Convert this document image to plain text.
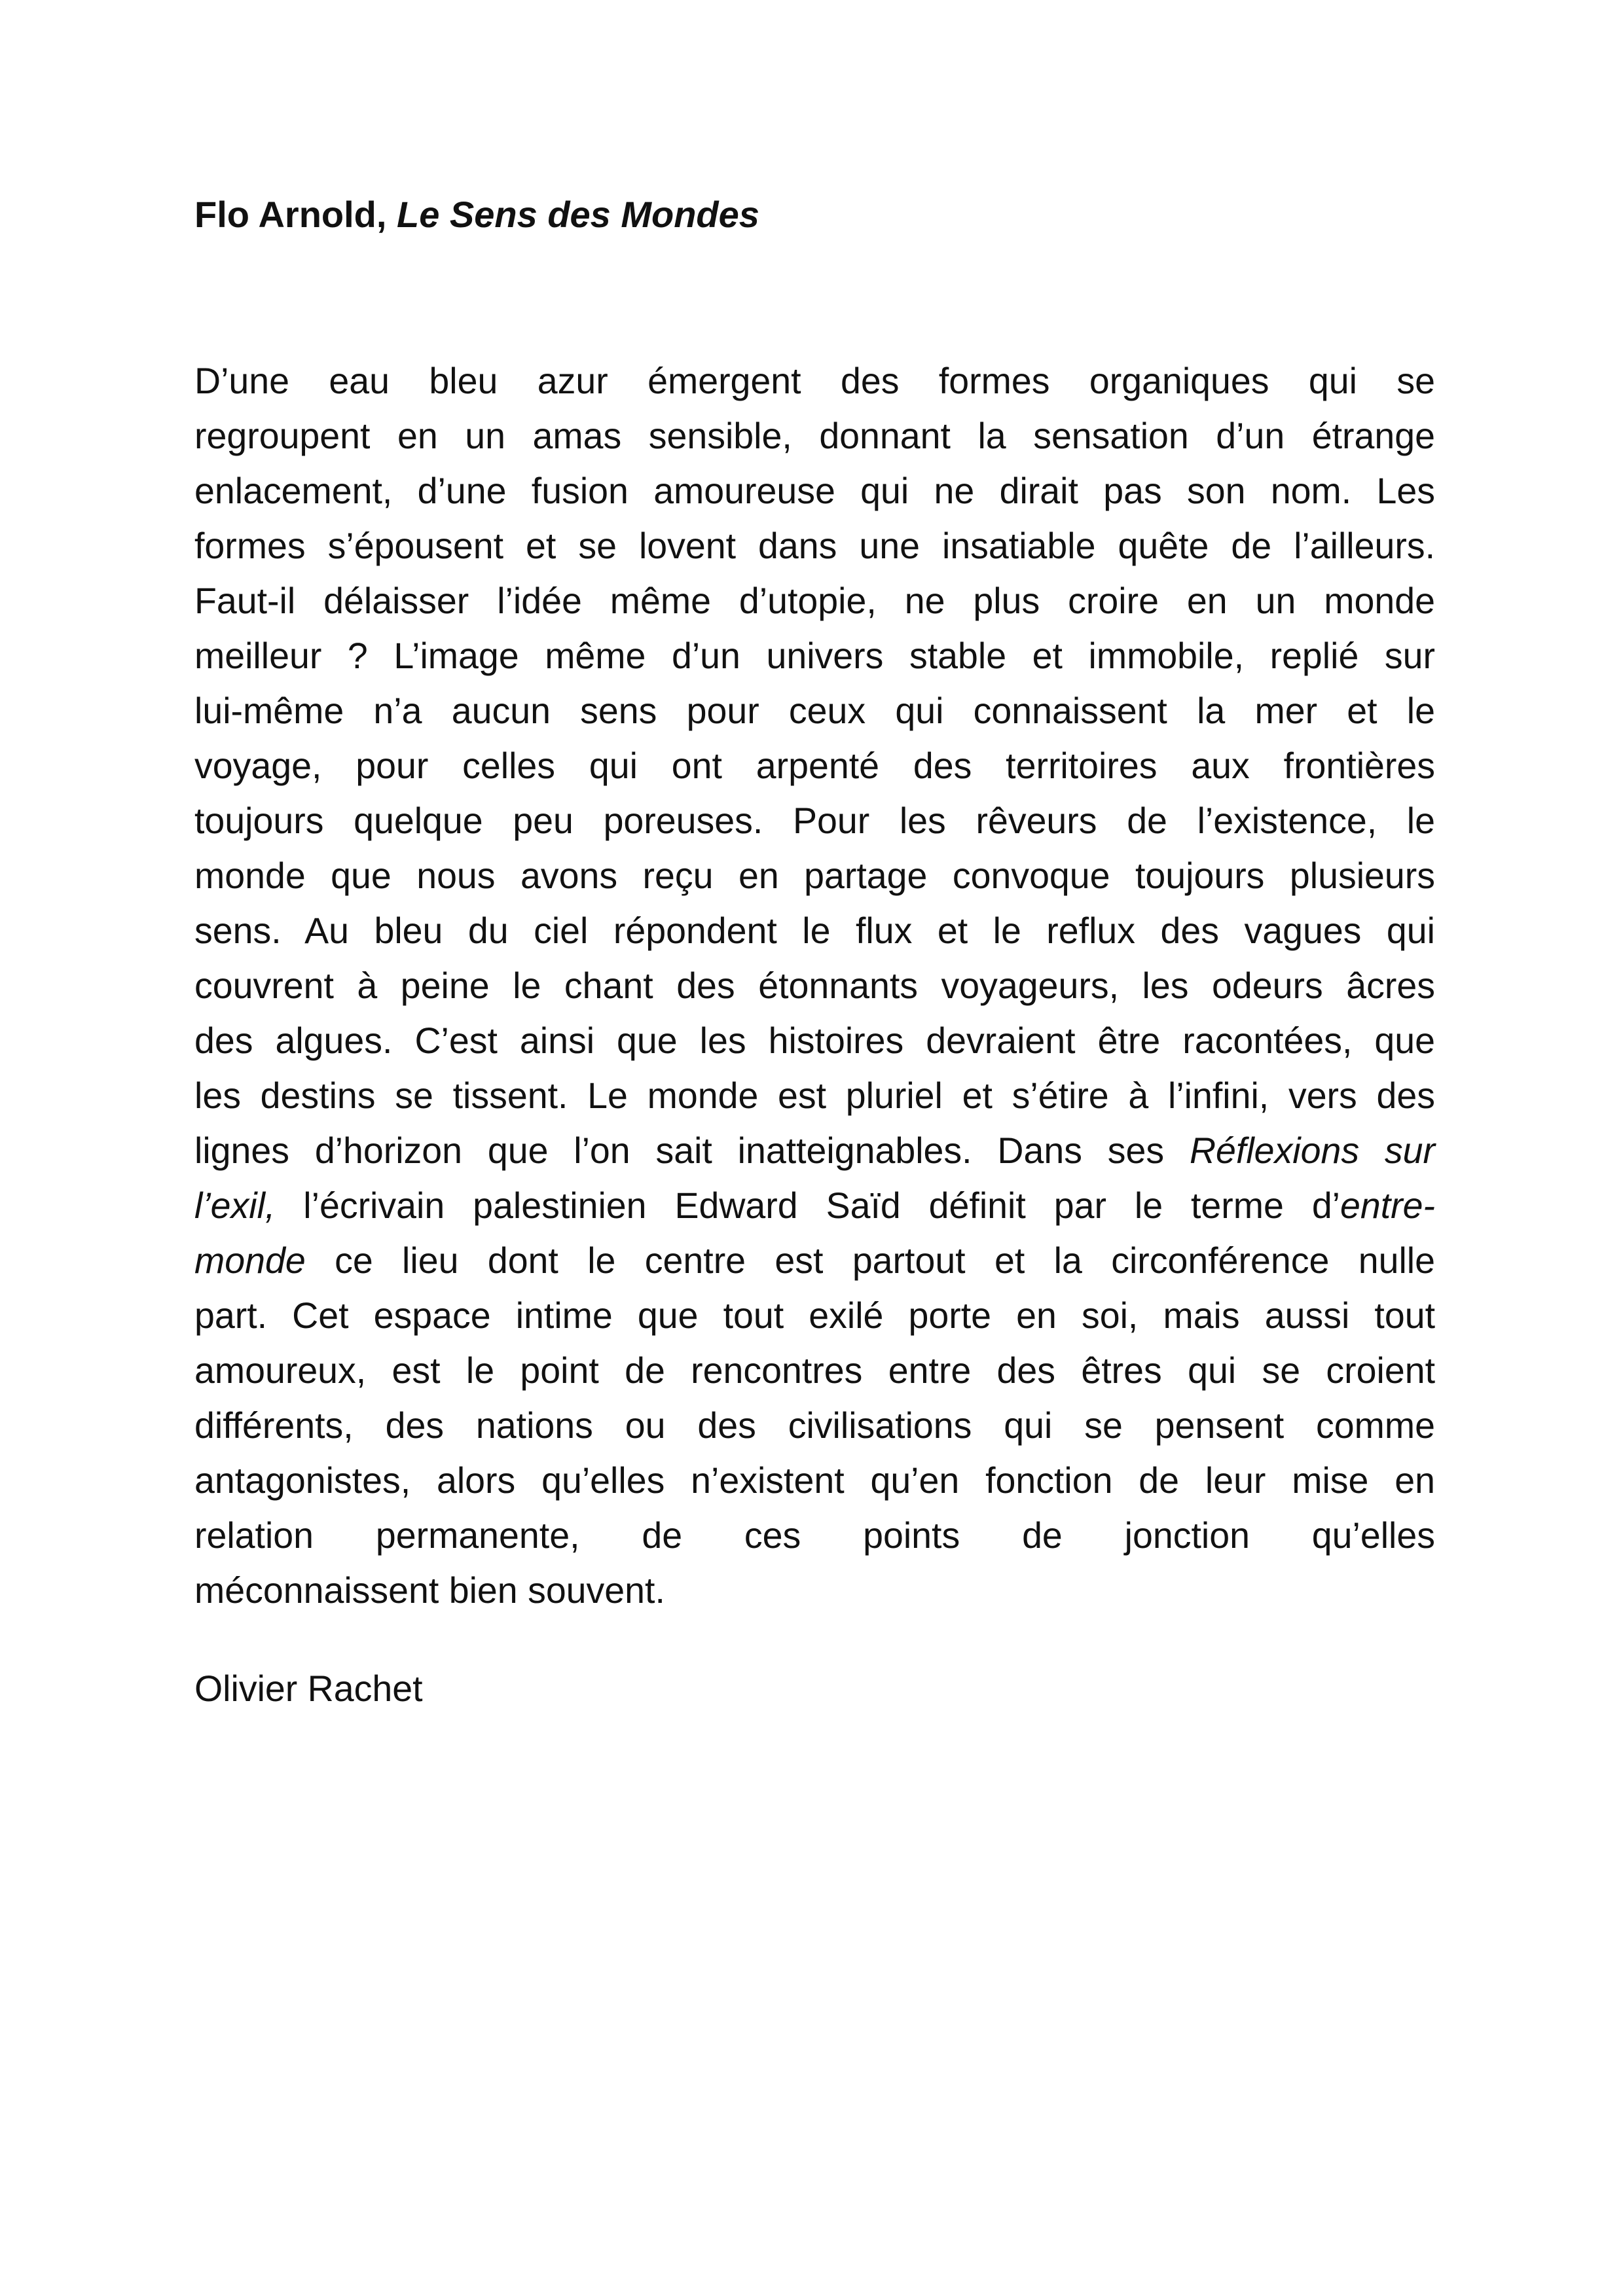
Flo Arnold, Le Sens des Mondes

D’une eau bleu azur émergent des formes organiques qui se
regroupent en un amas sensible, donnant la sensation d’un étrange
enlacement, d’une fusion amoureuse qui ne dirait pas son nom. Les
formes s’épousent et se lovent dans une insatiable quête de l’ailleurs.
Faut-il délaisser l’idée même d’utopie, ne plus croire en un monde
meilleur ? L’image même d’un univers stable et immobile, replié sur
lui-même n’a aucun sens pour ceux qui connaissent la mer et le
voyage, pour celles qui ont arpenté des territoires aux frontières
toujours quelque peu poreuses. Pour les rêveurs de l’existence, le
monde que nous avons reçu en partage convoque toujours plusieurs
sens. Au bleu du ciel répondent le flux et le reflux des vagues qui
couvrent à peine le chant des étonnants voyageurs, les odeurs âcres
des algues. C’est ainsi que les histoires devraient être racontées, que
les destins se tissent. Le monde est pluriel et s’étire à l’infini, vers des
lignes d’horizon que l’on sait inatteignables. Dans ses Réflexions sur
l’exil, l’écrivain palestinien Edward Saïd définit par le terme d’entre-
monde ce lieu dont le centre est partout et la circonférence nulle
part. Cet espace intime que tout exilé porte en soi, mais aussi tout
amoureux, est le point de rencontres entre des êtres qui se croient
différents, des nations ou des civilisations qui se pensent comme
antagonistes, alors qu’elles n’existent qu’en fonction de leur mise en
relation permanente, de ces points de jonction qu’elles
méconnaissent bien souvent.

Olivier Rachet
